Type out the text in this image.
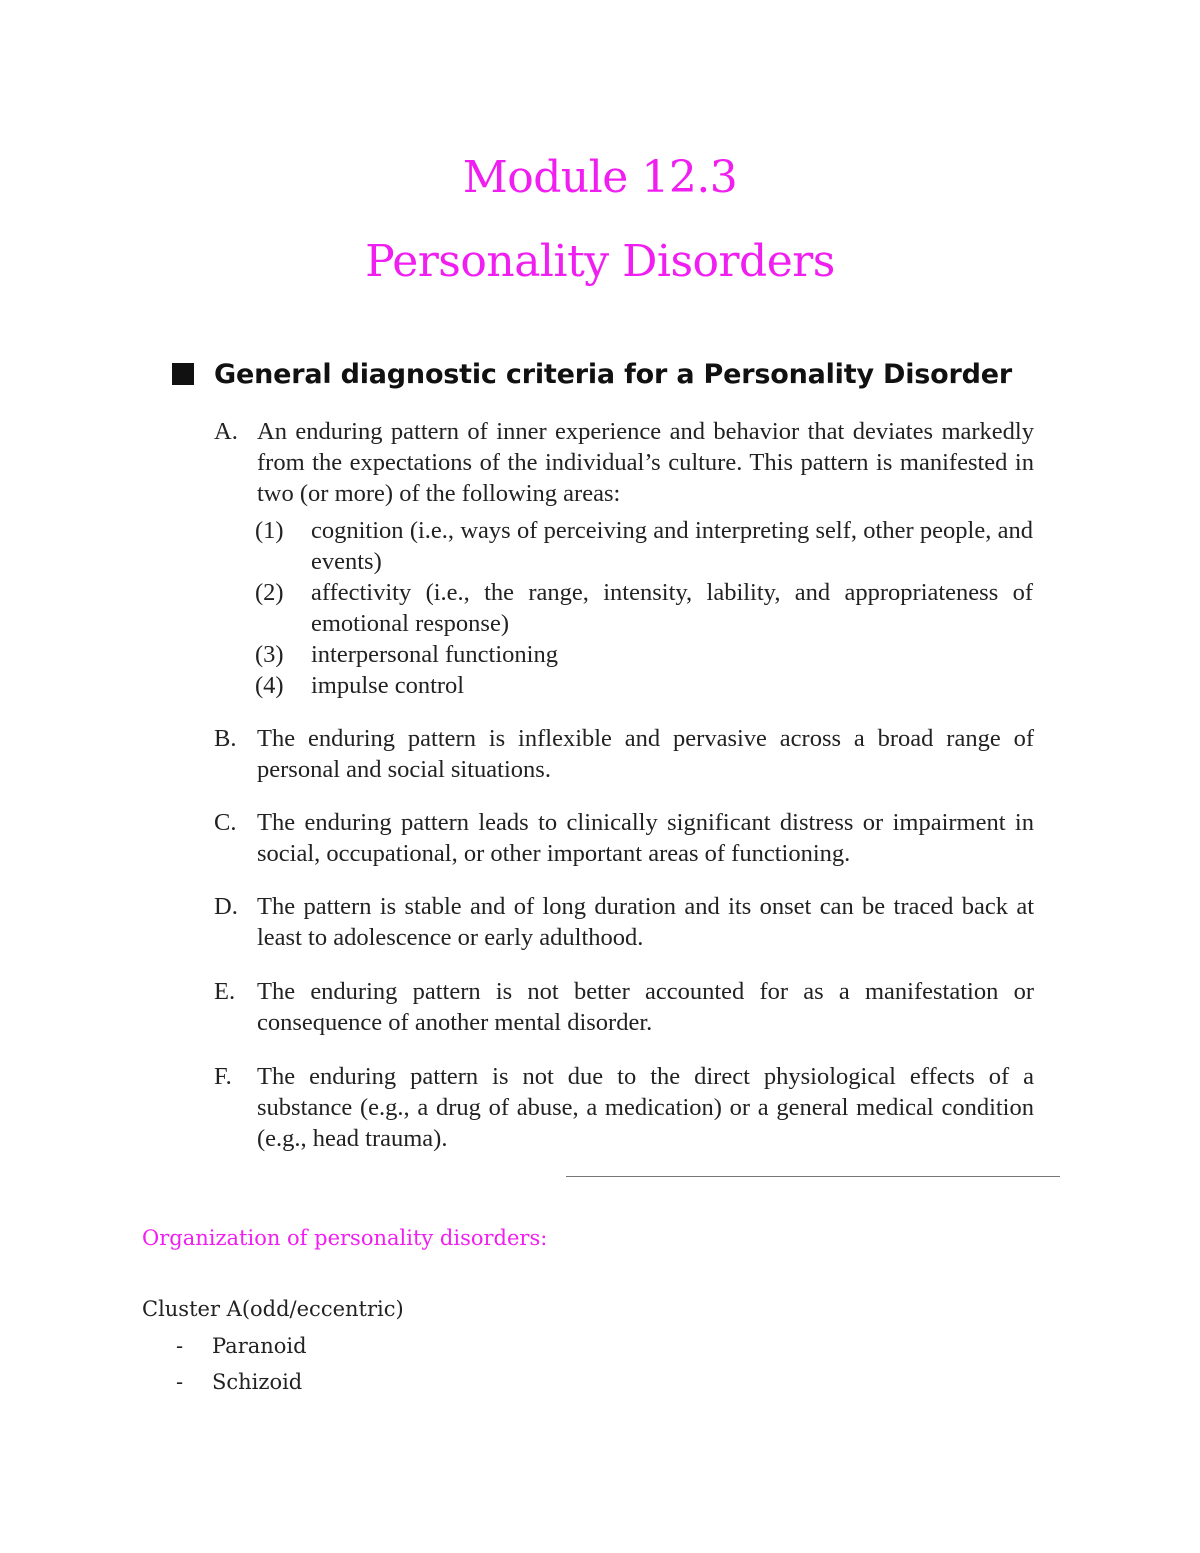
Module 12.3
Personality Disorders
General diagnostic criteria for a Personality Disorder
A. An enduring pattern of inner experience and behavior that deviates markedly from the expectations of the individual’s culture. This pattern is manifested in two (or more) of the following areas:
(1) cognition (i.e., ways of perceiving and interpreting self, other people, and events)
(2) affectivity (i.e., the range, intensity, lability, and appropriateness of emotional response)
(3) interpersonal functioning
(4) impulse control
B. The enduring pattern is inflexible and pervasive across a broad range of personal and social situations.
C. The enduring pattern leads to clinically significant distress or impairment in social, occupational, or other important areas of functioning.
D. The pattern is stable and of long duration and its onset can be traced back at least to adolescence or early adulthood.
E. The enduring pattern is not better accounted for as a manifestation or consequence of another mental disorder.
F. The enduring pattern is not due to the direct physiological effects of a substance (e.g., a drug of abuse, a medication) or a general medical condition (e.g., head trauma).
Organization of personality disorders:
Cluster A(odd/eccentric)
- Paranoid
- Schizoid
